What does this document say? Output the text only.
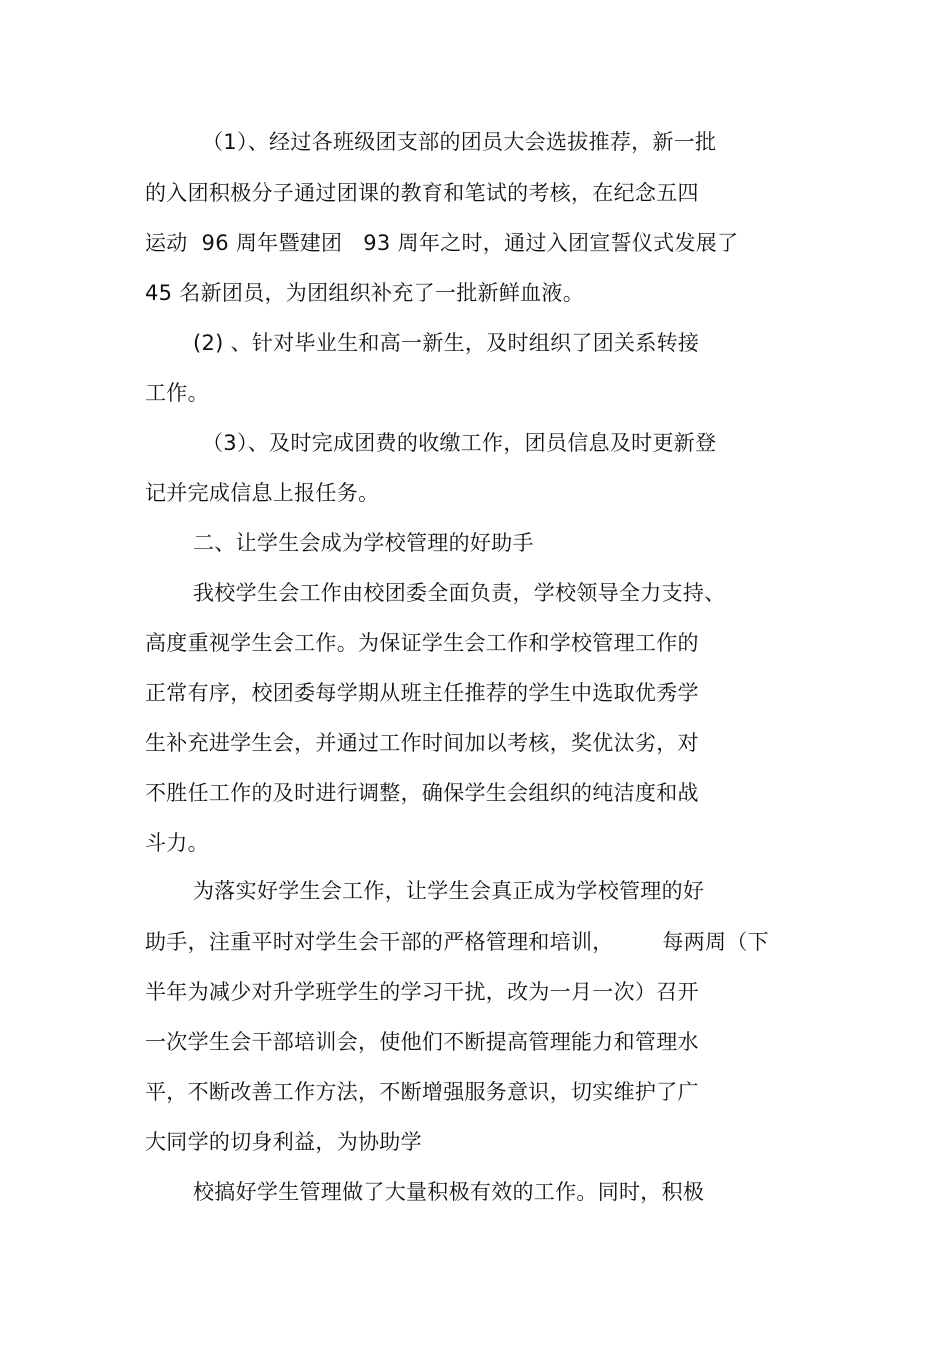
（1）、经过各班级团支部的团员大会选拔推荐，新一批
的入团积极分子通过团课的教育和笔试的考核，在纪念五四
运动  96 周年暨建团   93 周年之时，通过入团宣誓仪式发展了
45 名新团员，为团组织补充了一批新鲜血液。
(2) 、针对毕业生和高一新生，及时组织了团关系转接
工作。
（3）、及时完成团费的收缴工作，团员信息及时更新登
记并完成信息上报任务。
二、让学生会成为学校管理的好助手
我校学生会工作由校团委全面负责，学校领导全力支持、
高度重视学生会工作。为保证学生会工作和学校管理工作的
正常有序，校团委每学期从班主任推荐的学生中选取优秀学
生补充进学生会，并通过工作时间加以考核，奖优汰劣，对
不胜任工作的及时进行调整，确保学生会组织的纯洁度和战
斗力。
为落实好学生会工作，让学生会真正成为学校管理的好
助手，注重平时对学生会干部的严格管理和培训，       每两周（下
半年为减少对升学班学生的学习干扰，改为一月一次）召开
一次学生会干部培训会，使他们不断提高管理能力和管理水
平，不断改善工作方法，不断增强服务意识，切实维护了广
大同学的切身利益，为协助学
校搞好学生管理做了大量积极有效的工作。同时，积极
